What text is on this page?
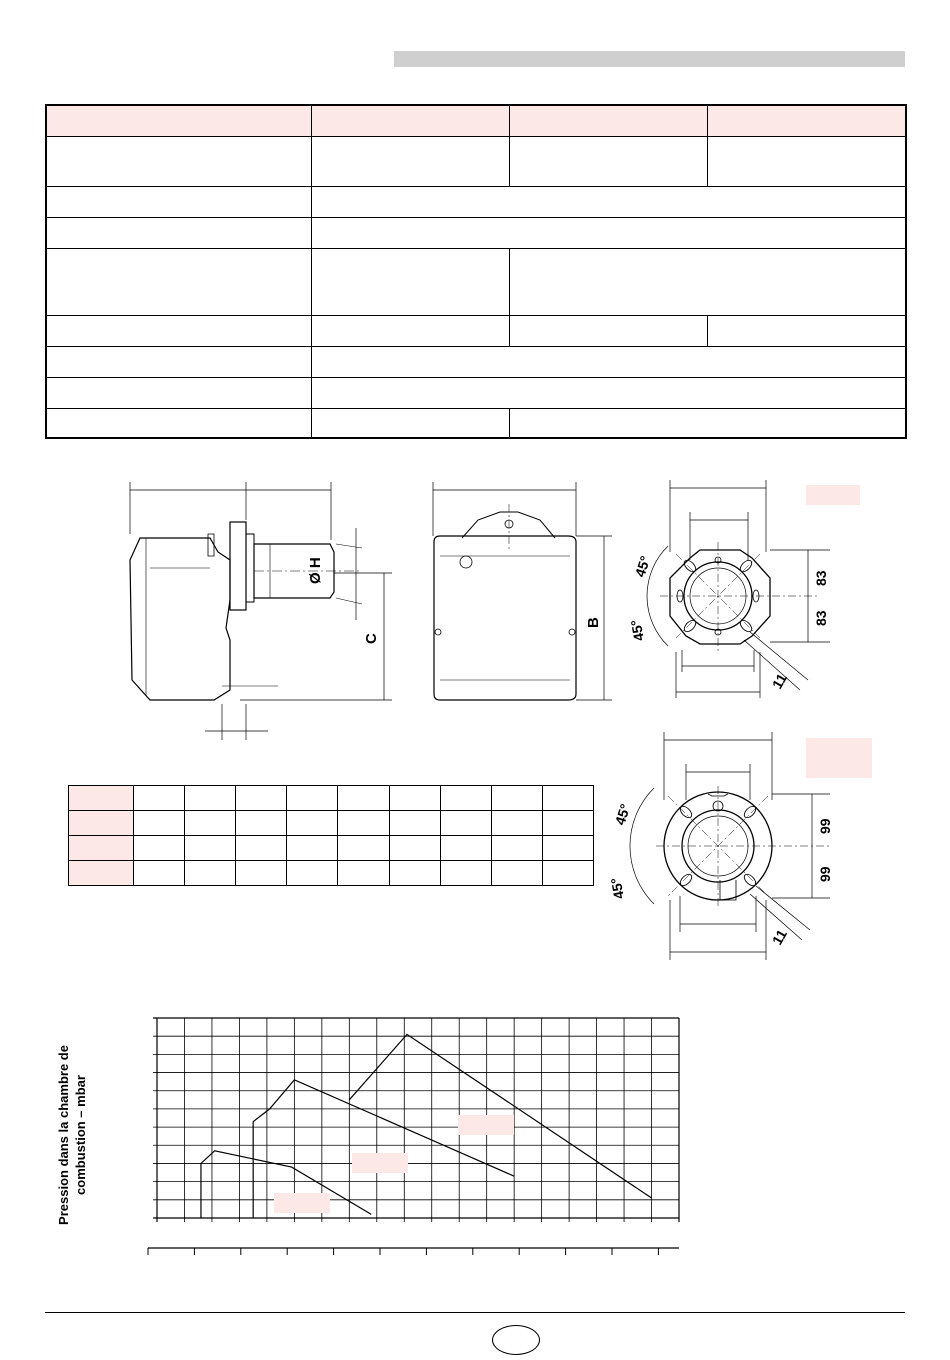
Ø H
C
B
45°
45°
83
83
11
45°
45°
99
99
11
Pression dans la chambre de combustion – mbar
